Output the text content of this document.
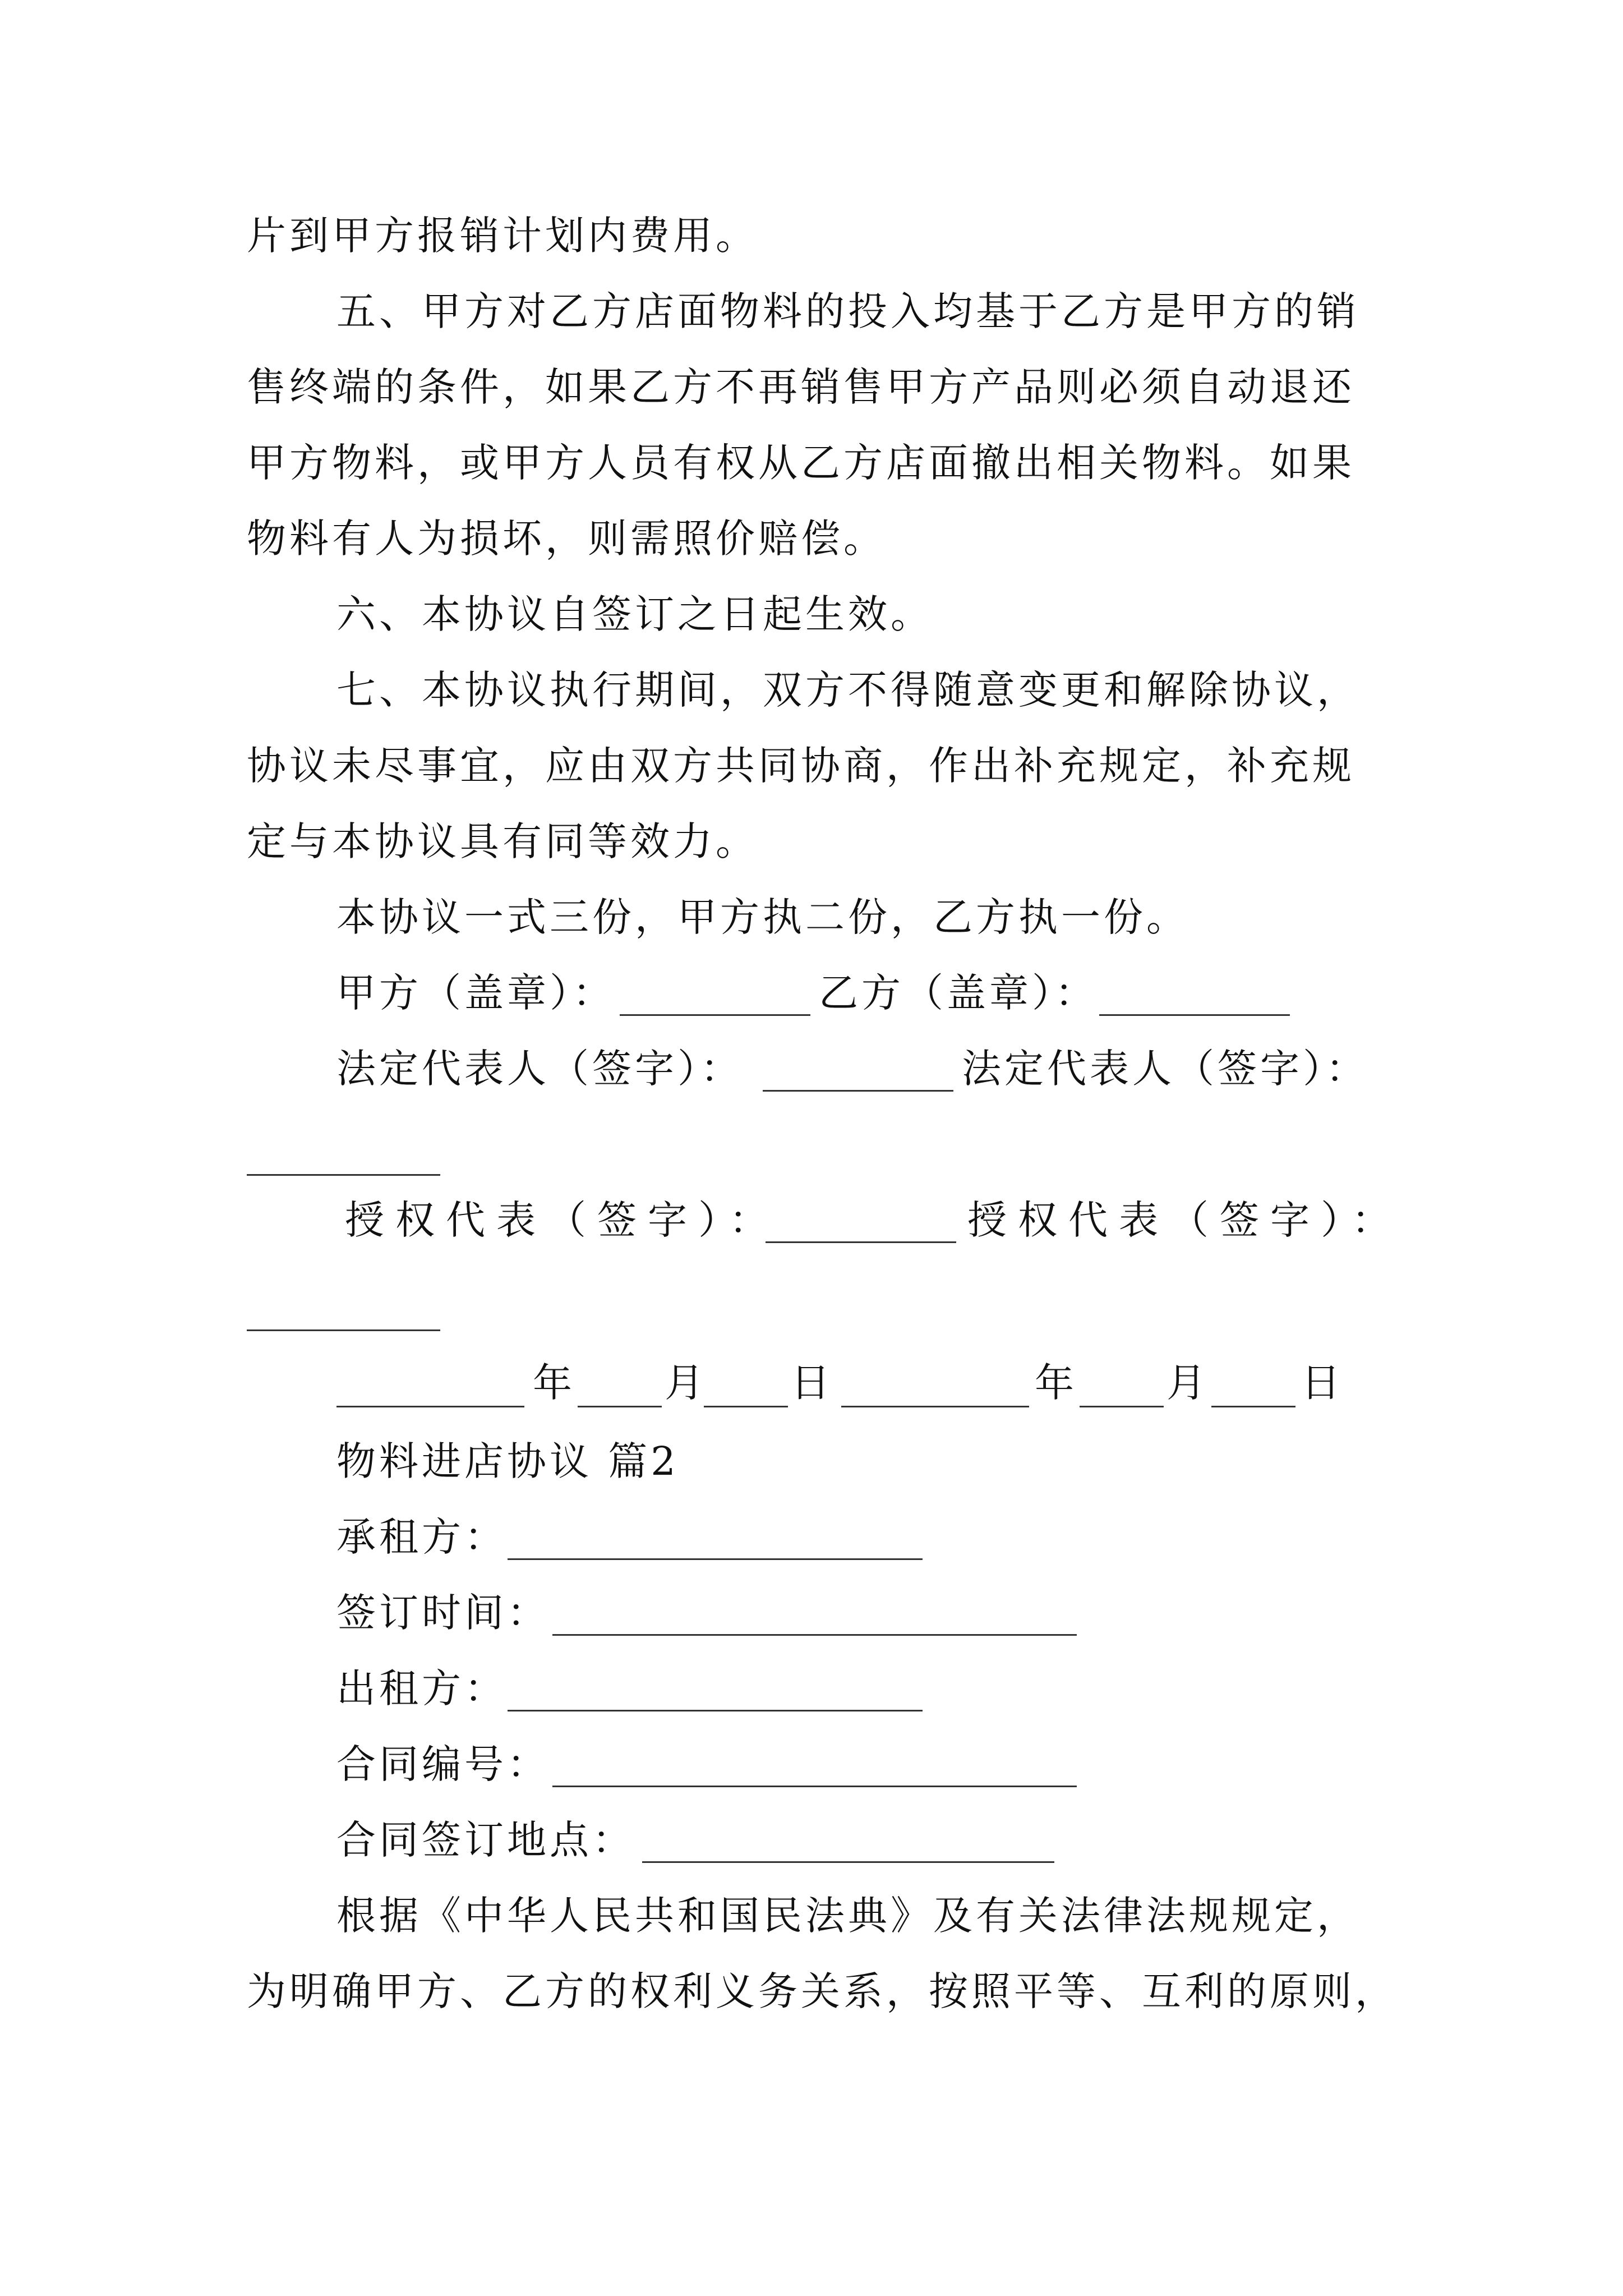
片到甲方报销计划内费用。
五、甲方对乙方店面物料的投入均基于乙方是甲方的销
售终端的条件，如果乙方不再销售甲方产品则必须自动退还
甲方物料，或甲方人员有权从乙方店面撤出相关物料。如果
物料有人为损坏，则需照价赔偿。
六、本协议自签订之日起生效。
七、本协议执行期间，双方不得随意变更和解除协议，
协议未尽事宜，应由双方共同协商，作出补充规定，补充规
定与本协议具有同等效力。
本协议一式三份，甲方执二份，乙方执一份。
甲方（盖章）：	乙方（盖章）：
法定代表人（签字）：	法定代表人（签字）：
授权代表（签字）：	授权代表（签字）：
年 月 日	年 月 日
物料进店协议 篇2
承租方：
签订时间：
出租方：
合同编号：
合同签订地点：
根据《中华人民共和国民法典》及有关法律法规规定，
为明确甲方、乙方的权利义务关系，按照平等、互利的原则，
